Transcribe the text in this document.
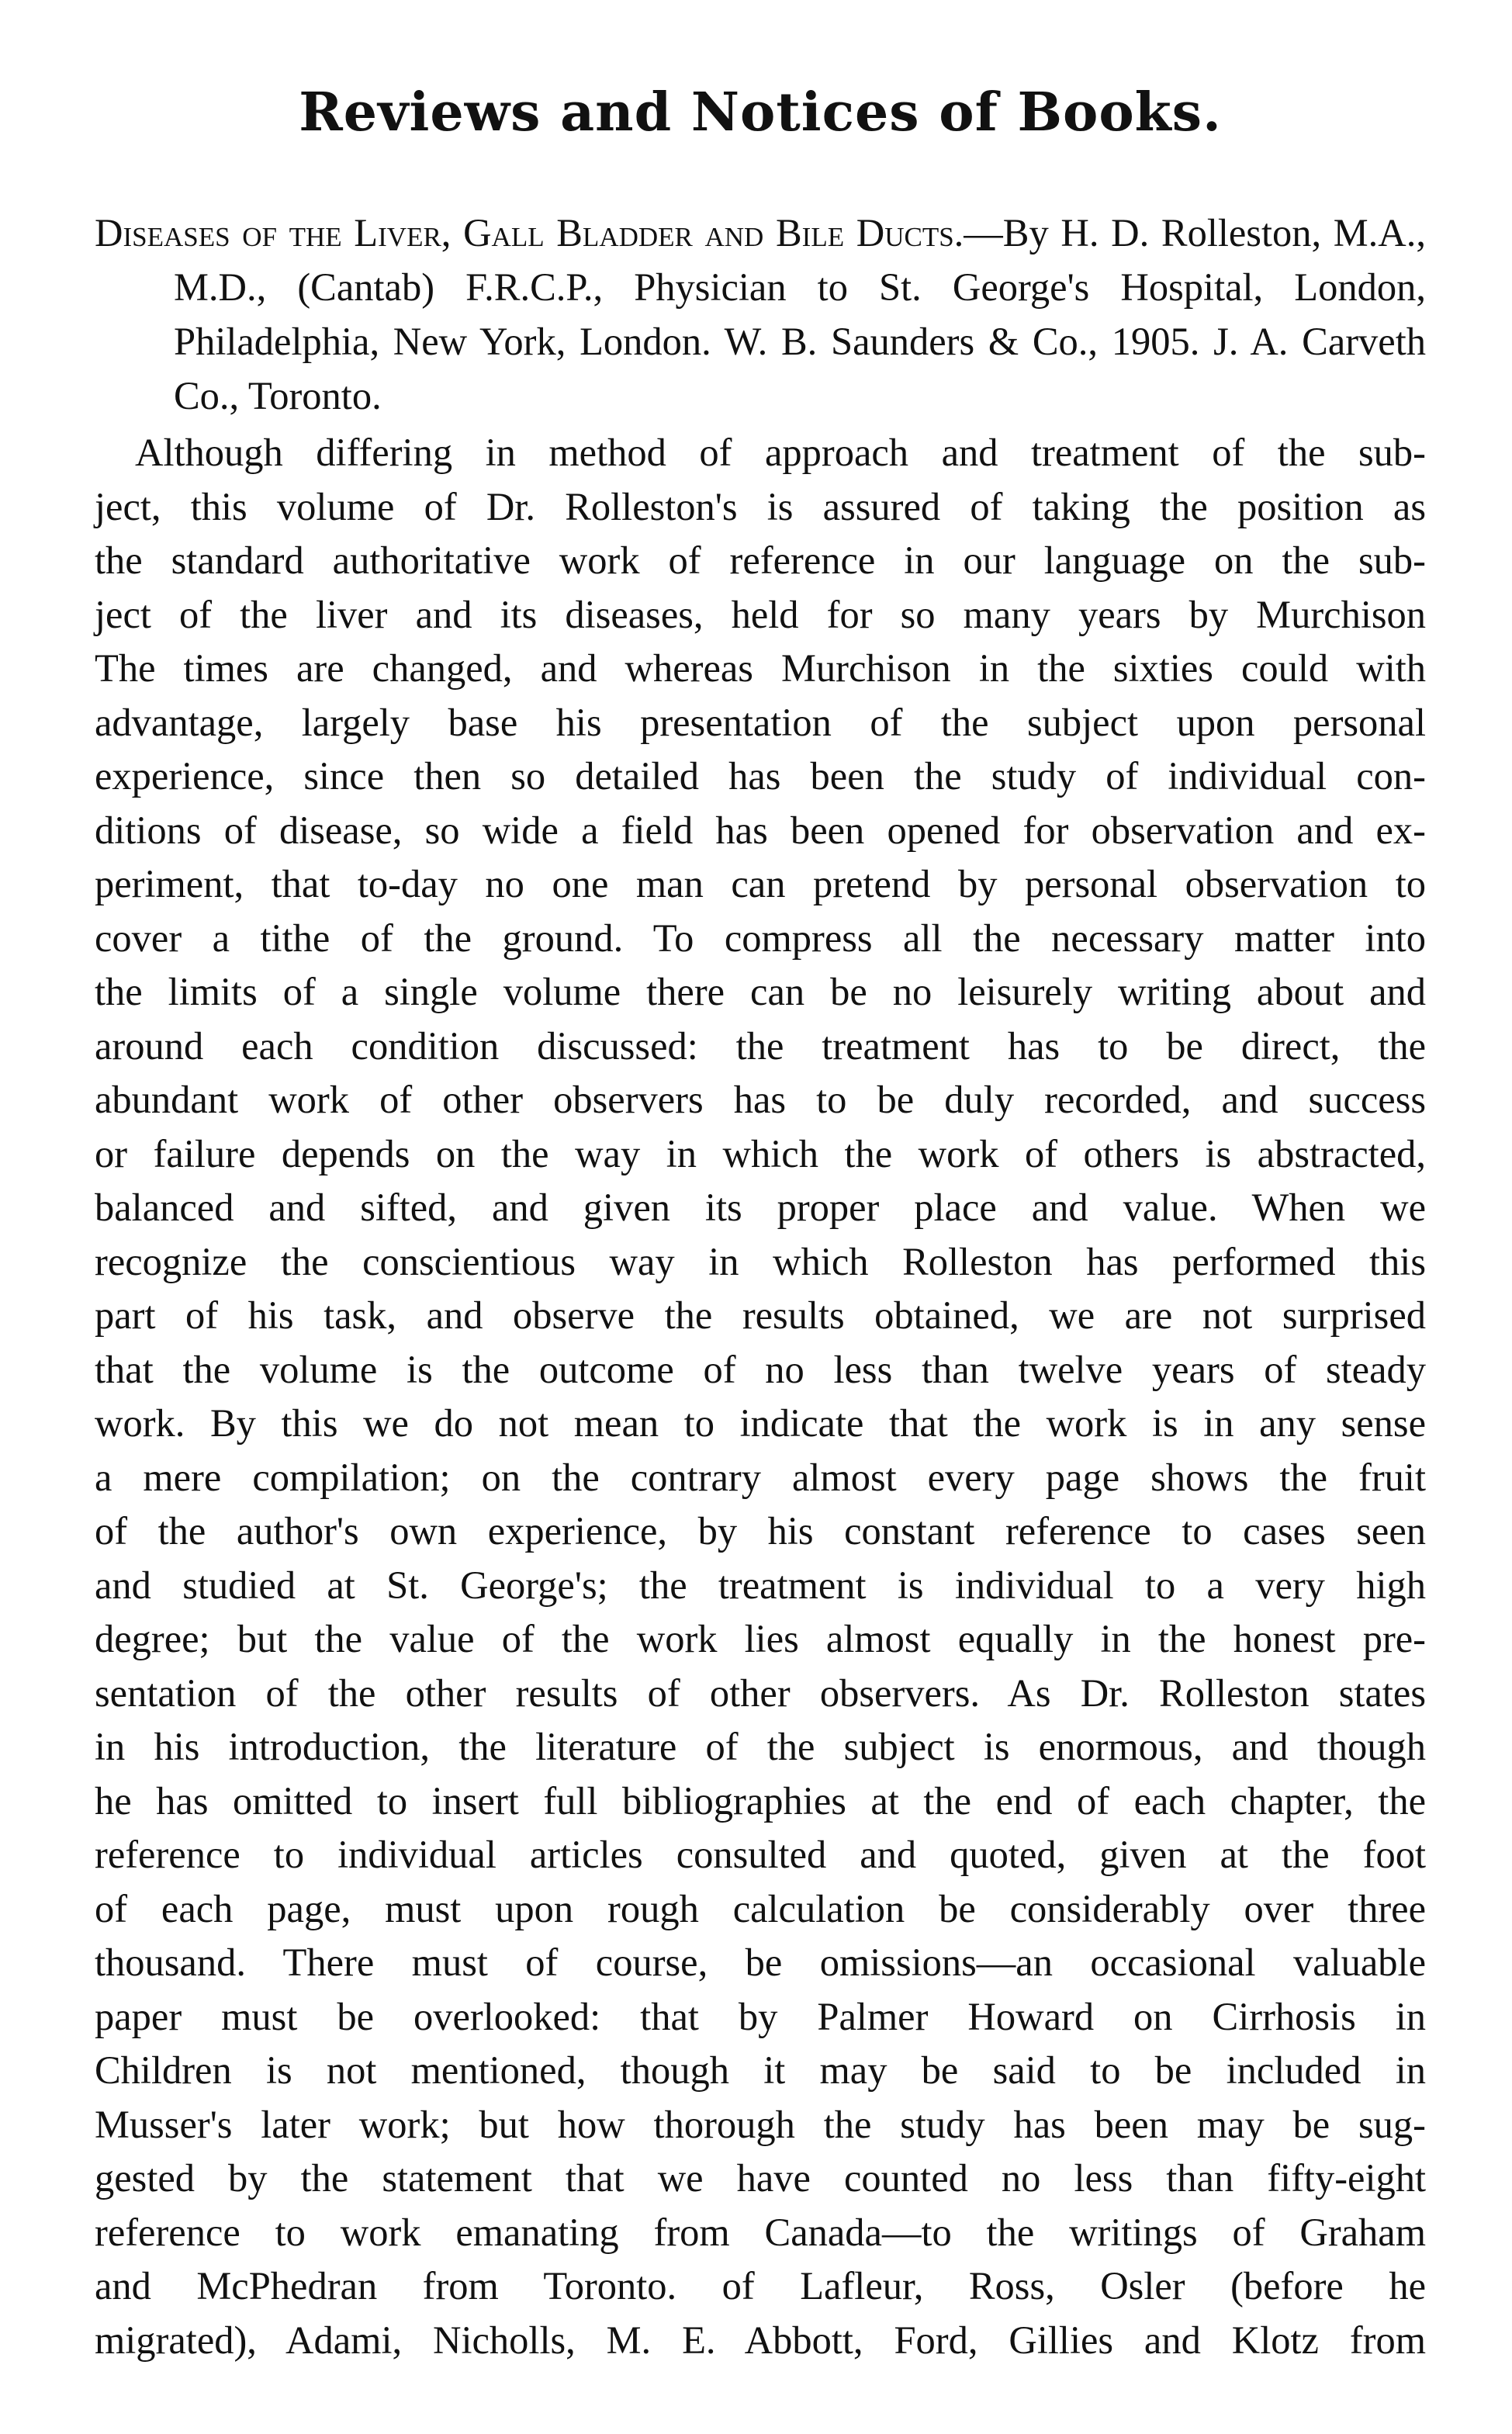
Reviews and Notices of Books.

Diseases of the Liver, Gall Bladder and Bile Ducts.—By H. D. Rolleston, M.A., M.D., (Cantab) F.R.C.P., Physician to St. George's Hospital, London, Philadelphia, New York, London. W. B. Saunders & Co., 1905. J. A. Carveth Co., Toronto.

Although differing in method of approach and treatment of the sub-
ject, this volume of Dr. Rolleston's is assured of taking the position as
the standard authoritative work of reference in our language on the sub-
ject of the liver and its diseases, held for so many years by Murchison
The times are changed, and whereas Murchison in the sixties could with
advantage, largely base his presentation of the subject upon personal
experience, since then so detailed has been the study of individual con-
ditions of disease, so wide a field has been opened for observation and ex-
periment, that to-day no one man can pretend by personal observation to
cover a tithe of the ground. To compress all the necessary matter into
the limits of a single volume there can be no leisurely writing about and
around each condition discussed: the treatment has to be direct, the
abundant work of other observers has to be duly recorded, and success
or failure depends on the way in which the work of others is abstracted,
balanced and sifted, and given its proper place and value. When we
recognize the conscientious way in which Rolleston has performed this
part of his task, and observe the results obtained, we are not surprised
that the volume is the outcome of no less than twelve years of steady
work. By this we do not mean to indicate that the work is in any sense
a mere compilation; on the contrary almost every page shows the fruit
of the author's own experience, by his constant reference to cases seen
and studied at St. George's; the treatment is individual to a very high
degree; but the value of the work lies almost equally in the honest pre-
sentation of the other results of other observers. As Dr. Rolleston states
in his introduction, the literature of the subject is enormous, and though
he has omitted to insert full bibliographies at the end of each chapter, the
reference to individual articles consulted and quoted, given at the foot
of each page, must upon rough calculation be considerably over three
thousand. There must of course, be omissions—an occasional valuable
paper must be overlooked: that by Palmer Howard on Cirrhosis in
Children is not mentioned, though it may be said to be included in
Musser's later work; but how thorough the study has been may be sug-
gested by the statement that we have counted no less than fifty-eight
reference to work emanating from Canada—to the writings of Graham
and McPhedran from Toronto. of Lafleur, Ross, Osler (before he
migrated), Adami, Nicholls, M. E. Abbott, Ford, Gillies and Klotz from
